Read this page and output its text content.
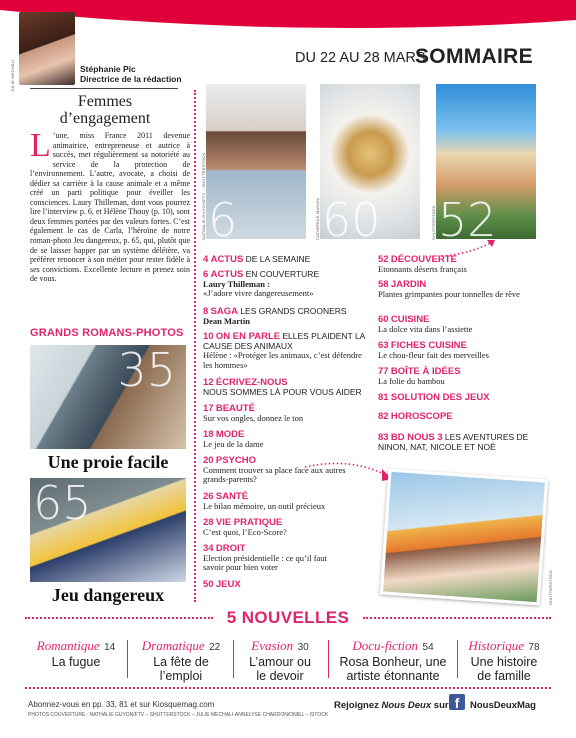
JULIE MECHALI	Stéphanie Pic
Directrice de la rédaction
DU 22 AU 28 MARS
SOMMAIRE
Femmes
d’engagement
L ’une, miss France 2011 devenue animatrice, entrepreneuse et autrice à succès, met régulièrement sa notoriété au service de la protection de l’environnement. L’autre, avocate, a choisi de dédier sa carrière à la cause animale et a même créé un parti politique pour éveiller les consciences. Laury Thilleman, dont vous pourrez lire l’interview p. 6, et Hélène Thouy (p. 10), sont deux femmes portées par des valeurs fortes. C’est également le cas de Carla, l’héroïne de notre roman-photo Jeu dangereux, p. 65, qui, plutôt que de se laisser happer par un système délétère, va préférer renoncer à son métier pour rester fidèle à ses convictions. Excellente lecture et prenez soin de vous.
GRANDS ROMANS-PHOTOS
35
Une proie facile
65
Jeu dangereux
6
NATHALIE GUYON/FTV – SHUTTERSTOCK	60
CATHERINE MADANI	52
SHUTTERSTOCK
4 ACTUS DE LA SEMAINE
6 ACTUS EN COUVERTURE
Laury Thilleman :
«J’adore vivre dangereusement»
8 SAGA LES GRANDS CROONERS
Dean Martin
10 ON EN PARLE ELLES PLAIDENT LA CAUSE DES ANIMAUX
Hélène : «Protéger les animaux, c’est défendre les hommes»
12 ÉCRIVEZ-NOUS
NOUS SOMMES LÀ POUR VOUS AIDER
17 BEAUTÉ
Sur vos ongles, donnez le ton
18 MODE
Le jeu de la dame
20 PSYCHO
Comment trouver sa place face aux autres grands-parents?
26 SANTÉ
Le bilan mémoire, un outil précieux
28 VIE PRATIQUE
C’est quoi, l’Eco-Score?
34 DROIT
Election présidentielle : ce qu’il faut savoir pour bien voter
50 JEUX
52 DÉCOUVERTE
Etonnants déserts français
58 JARDIN
Plantes grimpantes pour tonnelles de rêve
60 CUISINE
La dolce vita dans l’assiette
63 FICHES CUISINE
Le chou-fleur fait des merveilles
77 BOÎTE À IDÉES
La folie du bambou
81 SOLUTION DES JEUX
82 HOROSCOPE
83 BD NOUS 3 LES AVENTURES DE NINON, NAT, NICOLE ET NOÉ
SHUTTERSTOCK
5 NOUVELLES
Romantique 14
La fugue
Dramatique 22
La fête de l’emploi
Evasion 30
L’amour ou le devoir
Docu-fiction 54
Rosa Bonheur, une artiste étonnante
Historique 78
Une histoire de famille
Abonnez-vous en pp. 33, 81 et sur Kiosquemag.com
PHOTOS COUVERTURE : NATHALIE GUYON/FTV – SHUTTERSTOCK – JULIE MECHALI-ANNELYSE CHARDON/ONIEL – ISTOCK
Rejoignez Nous Deux sur f	NousDeuxMag
